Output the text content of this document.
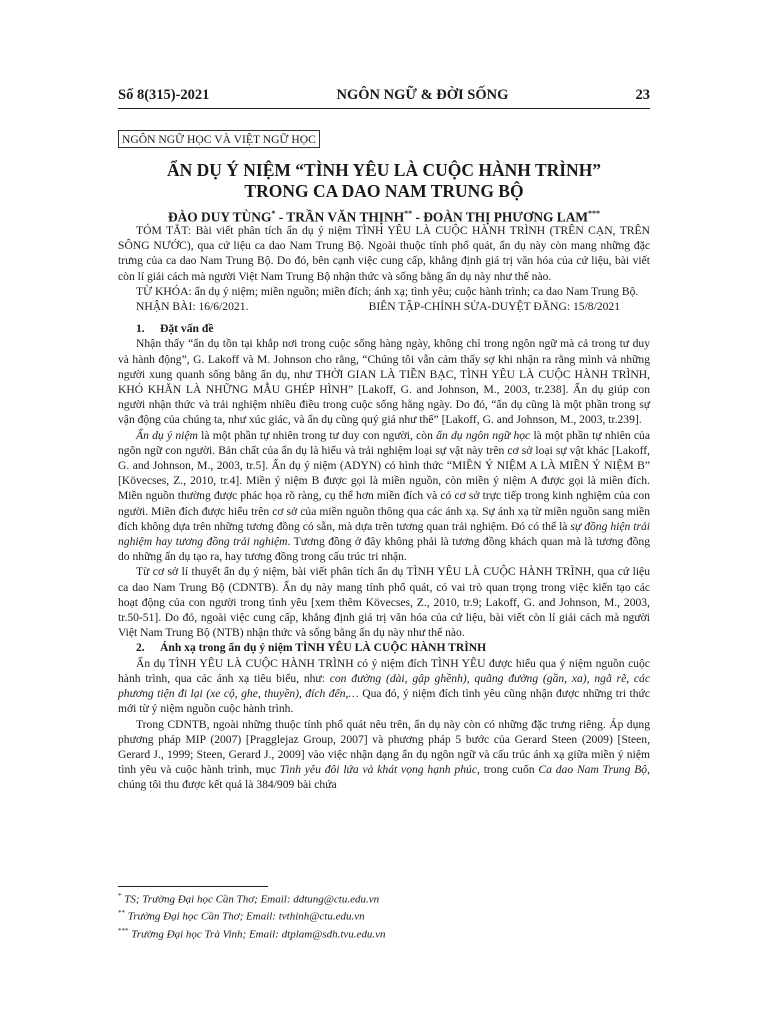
Số 8(315)-2021	NGÔN NGỮ & ĐỜI SỐNG	23
NGÔN NGỮ HỌC VÀ VIỆT NGỮ HỌC
ẨN DỤ Ý NIỆM “TÌNH YÊU LÀ CUỘC HÀNH TRÌNH”
TRONG CA DAO NAM TRUNG BỘ
ĐÀO DUY TÙNG* - TRẦN VĂN THỊNH** - ĐOÀN THỊ PHƯƠNG LAM***

TÓM TẮT: Bài viết phân tích ẩn dụ ý niệm TÌNH YÊU LÀ CUỘC HÀNH TRÌNH (TRÊN CẠN, TRÊN SÔNG NƯỚC), qua cứ liệu ca dao Nam Trung Bộ. Ngoài thuộc tính phổ quát, ẩn dụ này còn mang những đặc trưng của ca dao Nam Trung Bộ. Do đó, bên cạnh việc cung cấp, khẳng định giá trị văn hóa của cứ liệu, bài viết còn lí giải cách mà người Việt Nam Trung Bộ nhận thức và sống bằng ẩn dụ này như thế nào.

TỪ KHÓA: ẩn dụ ý niệm; miền nguồn; miền đích; ánh xạ; tình yêu; cuộc hành trình; ca dao Nam Trung Bộ.

NHẬN BÀI: 16/6/2021.	BIÊN TẬP-CHỈNH SỬA-DUYỆT ĐĂNG: 15/8/2021

1. Đặt vấn đề

Nhận thấy “ẩn dụ tồn tại khắp nơi trong cuộc sống hàng ngày, không chỉ trong ngôn ngữ mà cả trong tư duy và hành động”, G. Lakoff và M. Johnson cho rằng, “Chúng tôi vẫn cảm thấy sợ khi nhận ra rằng mình và những người xung quanh sống bằng ẩn dụ, như THỜI GIAN LÀ TIỀN BẠC, TÌNH YÊU LÀ CUỘC HÀNH TRÌNH, KHÓ KHĂN LÀ NHỮNG MẪU GHÉP HÌNH” [Lakoff, G. and Johnson, M., 2003, tr.238]. Ẩn dụ giúp con người nhận thức và trải nghiệm nhiều điều trong cuộc sống hằng ngày. Do đó, “ẩn dụ cũng là một phần trong sự vận động của chúng ta, như xúc giác, và ẩn dụ cũng quý giá như thế” [Lakoff, G. and Johnson, M., 2003, tr.239].

Ẩn dụ ý niệm là một phần tự nhiên trong tư duy con người, còn ẩn dụ ngôn ngữ học là một phần tự nhiên của ngôn ngữ con người. Bản chất của ẩn dụ là hiểu và trải nghiệm loại sự vật này trên cơ sở loại sự vật khác [Lakoff, G. and Johnson, M., 2003, tr.5]. Ẩn dụ ý niệm (ADYN) có hình thức “MIỀN Ý NIỆM A LÀ MIỀN Ý NIỆM B” [Kövecses, Z., 2010, tr.4]. Miền ý niệm B được gọi là miền nguồn, còn miền ý niệm A được gọi là miền đích. Miền nguồn thường được phác họa rõ ràng, cụ thể hơn miền đích và có cơ sở trực tiếp trong kinh nghiệm của con người. Miền đích được hiểu trên cơ sở của miền nguồn thông qua các ánh xạ. Sự ánh xạ từ miền nguồn sang miền đích không dựa trên những tương đồng có sẵn, mà dựa trên tương quan trải nghiệm. Đó có thể là sự đồng hiện trải nghiệm hay tương đồng trải nghiệm. Tương đồng ở đây không phải là tương đồng khách quan mà là tương đồng do những ẩn dụ tạo ra, hay tương đồng trong cấu trúc tri nhận.

Từ cơ sở lí thuyết ẩn dụ ý niệm, bài viết phân tích ẩn dụ TÌNH YÊU LÀ CUỘC HÀNH TRÌNH, qua cứ liệu ca dao Nam Trung Bộ (CDNTB). Ẩn dụ này mang tính phổ quát, có vai trò quan trọng trong việc kiến tạo các hoạt động của con người trong tình yêu [xem thêm Kövecses, Z., 2010, tr.9; Lakoff, G. and Johnson, M., 2003, tr.50-51]. Do đó, ngoài việc cung cấp, khẳng định giá trị văn hóa của cứ liệu, bài viết còn lí giải cách mà người Việt Nam Trung Bộ (NTB) nhận thức và sống bằng ẩn dụ này như thế nào.

2. Ánh xạ trong ẩn dụ ý niệm TÌNH YÊU LÀ CUỘC HÀNH TRÌNH

Ẩn dụ TÌNH YÊU LÀ CUỘC HÀNH TRÌNH có ý niệm đích TÌNH YÊU được hiểu qua ý niệm nguồn cuộc hành trình, qua các ánh xạ tiêu biểu, như: con đường (dài, gập ghềnh), quãng đường (gần, xa), ngã rẽ, các phương tiện đi lại (xe cộ, ghe, thuyền), đích đến,… Qua đó, ý niệm đích tình yêu cũng nhận được những tri thức mới từ ý niệm nguồn cuộc hành trình.

Trong CDNTB, ngoài những thuộc tính phổ quát nêu trên, ẩn dụ này còn có những đặc trưng riêng. Áp dụng phương pháp MIP (2007) [Pragglejaz Group, 2007] và phương pháp 5 bước của Gerard Steen (2009) [Steen, Gerard J., 1999; Steen, Gerard J., 2009] vào việc nhận dạng ẩn dụ ngôn ngữ và cấu trúc ánh xạ giữa miền ý niệm tình yêu và cuộc hành trình, mục Tình yêu đôi lứa và khát vọng hạnh phúc, trong cuốn Ca dao Nam Trung Bộ, chúng tôi thu được kết quả là 384/909 bài chứa

* TS; Trường Đại học Cần Thơ; Email: ddtung@ctu.edu.vn
** Trường Đại học Cần Thơ; Email: tvthinh@ctu.edu.vn
*** Trường Đại học Trà Vinh; Email: dtplam@sdh.tvu.edu.vn
